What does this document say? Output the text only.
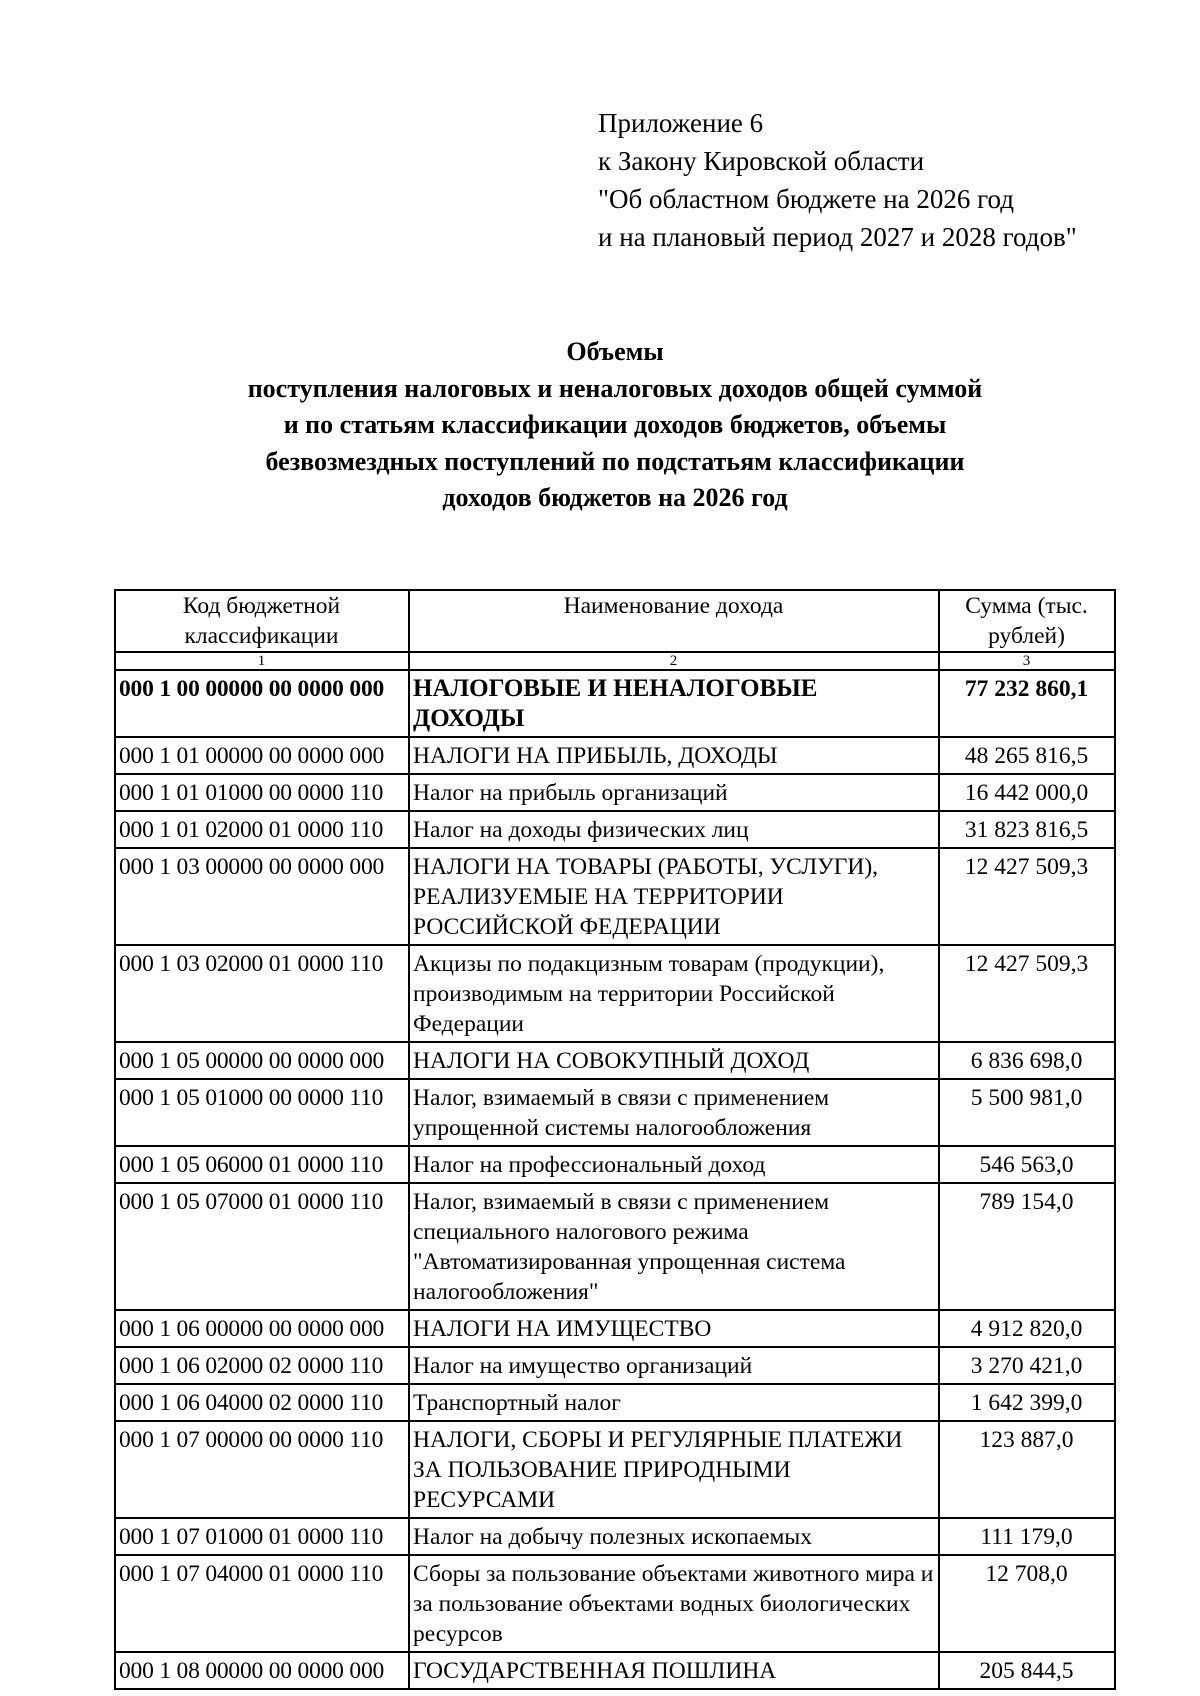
Приложение 6
к Закону Кировской области
"Об областном бюджете на 2026 год
и на плановый период 2027 и 2028 годов"
Объемы
поступления налоговых и неналоговых доходов общей суммой
и по статьям классификации доходов бюджетов, объемы
безвозмездных поступлений по подстатьям классификации
доходов бюджетов на 2026 год
Код бюджетной классификации	Наименование дохода	Сумма (тыс. рублей)
1	2	3
000 1 00 00000 00 0000 000	НАЛОГОВЫЕ И НЕНАЛОГОВЫЕ ДОХОДЫ	77 232 860,1
000 1 01 00000 00 0000 000	НАЛОГИ НА ПРИБЫЛЬ, ДОХОДЫ	48 265 816,5
000 1 01 01000 00 0000 110	Налог на прибыль организаций	16 442 000,0
000 1 01 02000 01 0000 110	Налог на доходы физических лиц	31 823 816,5
000 1 03 00000 00 0000 000	НАЛОГИ НА ТОВАРЫ (РАБОТЫ, УСЛУГИ), РЕАЛИЗУЕМЫЕ НА ТЕРРИТОРИИ РОССИЙСКОЙ ФЕДЕРАЦИИ	12 427 509,3
000 1 03 02000 01 0000 110	Акцизы по подакцизным товарам (продукции), производимым на территории Российской Федерации	12 427 509,3
000 1 05 00000 00 0000 000	НАЛОГИ НА СОВОКУПНЫЙ ДОХОД	6 836 698,0
000 1 05 01000 00 0000 110	Налог, взимаемый в связи с применением упрощенной системы налогообложения	5 500 981,0
000 1 05 06000 01 0000 110	Налог на профессиональный доход	546 563,0
000 1 05 07000 01 0000 110	Налог, взимаемый в связи с применением специального налогового режима "Автоматизированная упрощенная система налогообложения"	789 154,0
000 1 06 00000 00 0000 000	НАЛОГИ НА ИМУЩЕСТВО	4 912 820,0
000 1 06 02000 02 0000 110	Налог на имущество организаций	3 270 421,0
000 1 06 04000 02 0000 110	Транспортный налог	1 642 399,0
000 1 07 00000 00 0000 110	НАЛОГИ, СБОРЫ И РЕГУЛЯРНЫЕ ПЛАТЕЖИ ЗА ПОЛЬЗОВАНИЕ ПРИРОДНЫМИ РЕСУРСАМИ	123 887,0
000 1 07 01000 01 0000 110	Налог на добычу полезных ископаемых	111 179,0
000 1 07 04000 01 0000 110	Сборы за пользование объектами животного мира и за пользование объектами водных биологических ресурсов	12 708,0
000 1 08 00000 00 0000 000	ГОСУДАРСТВЕННАЯ ПОШЛИНА	205 844,5
